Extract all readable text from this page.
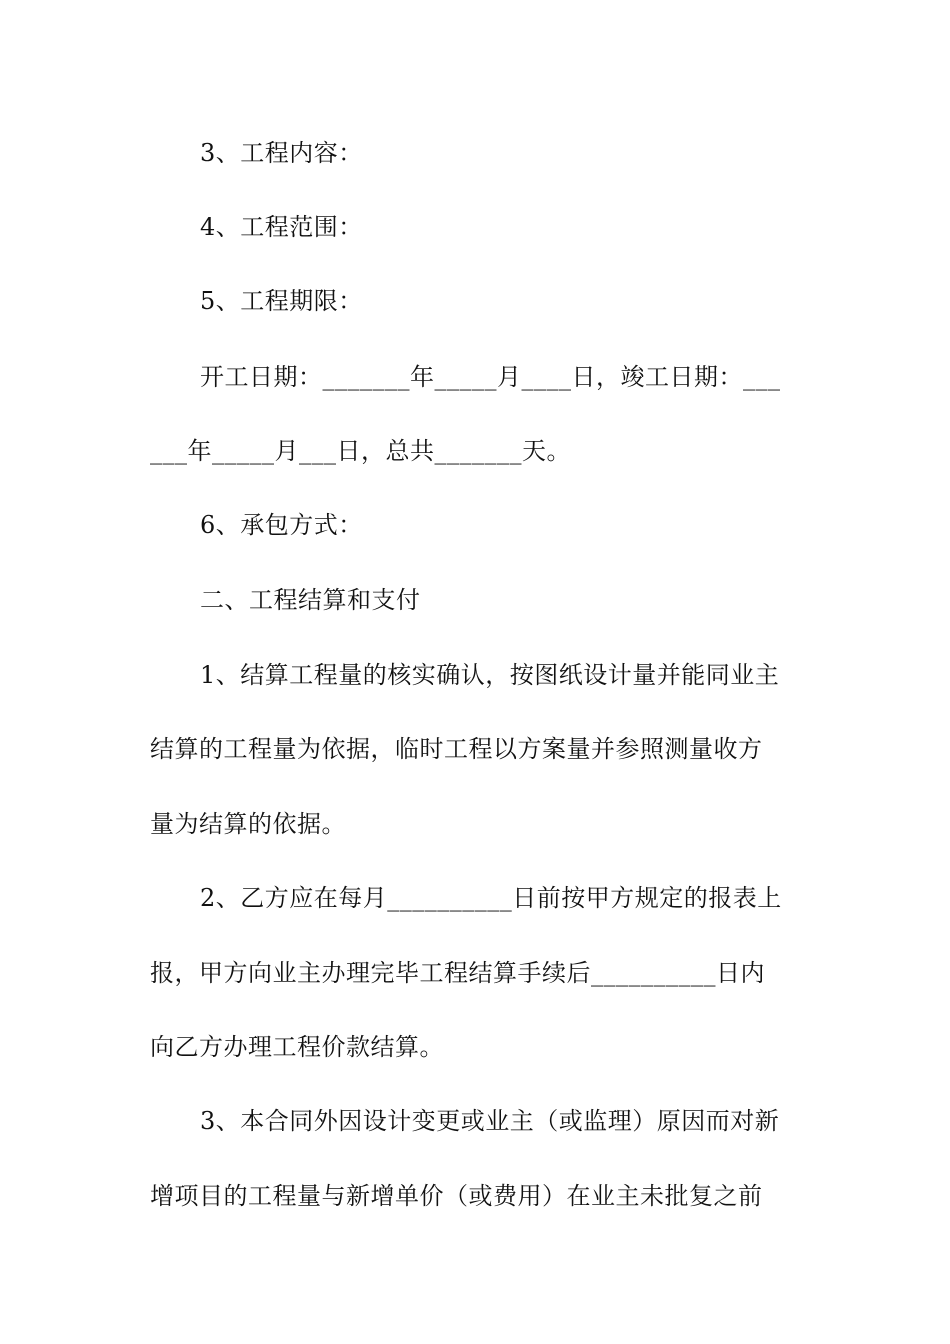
3、工程内容：
4、工程范围：
5、工程期限：
开工日期：_______年_____月____日，竣工日期：___
___年_____月___日，总共_______天。
6、承包方式：
二、工程结算和支付
1、结算工程量的核实确认，按图纸设计量并能同业主
结算的工程量为依据，临时工程以方案量并参照测量收方
量为结算的依据。
2、乙方应在每月__________日前按甲方规定的报表上
报，甲方向业主办理完毕工程结算手续后__________日内
向乙方办理工程价款结算。
3、本合同外因设计变更或业主（或监理）原因而对新
增项目的工程量与新增单价（或费用）在业主未批复之前
